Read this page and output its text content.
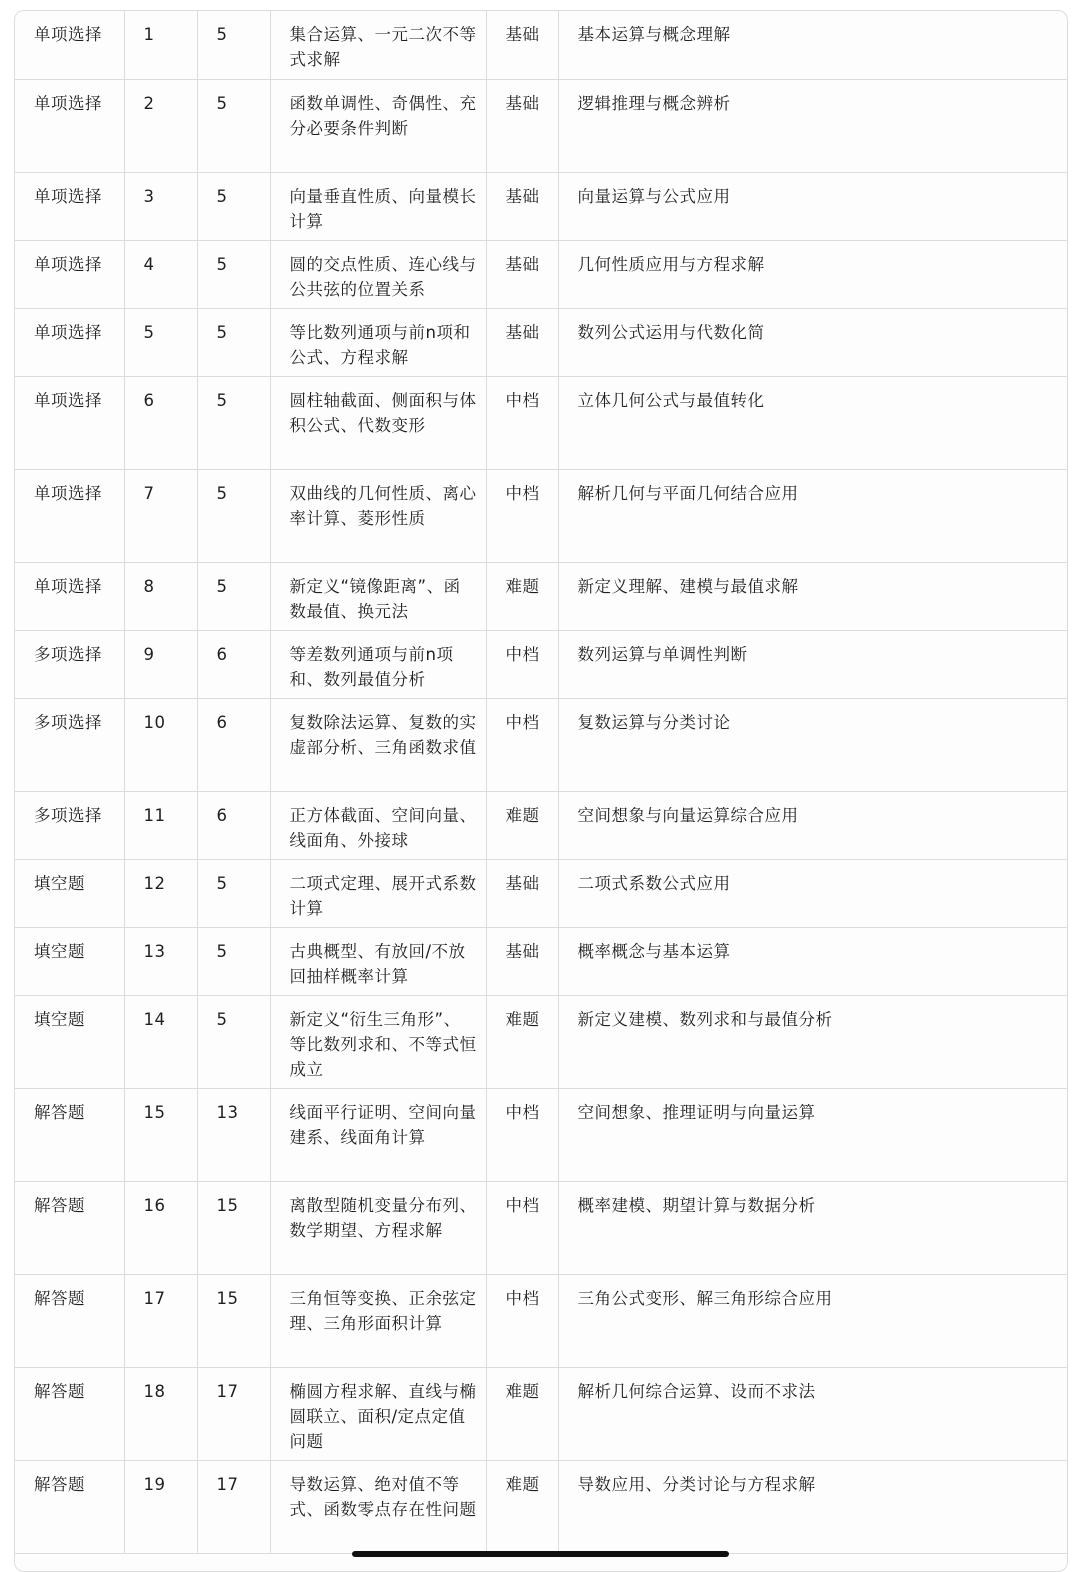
单项选择	1	5	集合运算、一元二次不等式求解	基础	基本运算与概念理解
单项选择	2	5	函数单调性、奇偶性、充分必要条件判断	基础	逻辑推理与概念辨析
单项选择	3	5	向量垂直性质、向量模长计算	基础	向量运算与公式应用
单项选择	4	5	圆的交点性质、连心线与公共弦的位置关系	基础	几何性质应用与方程求解
单项选择	5	5	等比数列通项与前n项和公式、方程求解	基础	数列公式运用与代数化简
单项选择	6	5	圆柱轴截面、侧面积与体积公式、代数变形	中档	立体几何公式与最值转化
单项选择	7	5	双曲线的几何性质、离心率计算、菱形性质	中档	解析几何与平面几何结合应用
单项选择	8	5	新定义“镜像距离”、函数最值、换元法	难题	新定义理解、建模与最值求解
多项选择	9	6	等差数列通项与前n项和、数列最值分析	中档	数列运算与单调性判断
多项选择	10	6	复数除法运算、复数的实虚部分析、三角函数求值	中档	复数运算与分类讨论
多项选择	11	6	正方体截面、空间向量、线面角、外接球	难题	空间想象与向量运算综合应用
填空题	12	5	二项式定理、展开式系数计算	基础	二项式系数公式应用
填空题	13	5	古典概型、有放回/不放回抽样概率计算	基础	概率概念与基本运算
填空题	14	5	新定义“衍生三角形”、等比数列求和、不等式恒成立	难题	新定义建模、数列求和与最值分析
解答题	15	13	线面平行证明、空间向量建系、线面角计算	中档	空间想象、推理证明与向量运算
解答题	16	15	离散型随机变量分布列、数学期望、方程求解	中档	概率建模、期望计算与数据分析
解答题	17	15	三角恒等变换、正余弦定理、三角形面积计算	中档	三角公式变形、解三角形综合应用
解答题	18	17	椭圆方程求解、直线与椭圆联立、面积/定点定值问题	难题	解析几何综合运算、设而不求法
解答题	19	17	导数运算、绝对值不等式、函数零点存在性问题	难题	导数应用、分类讨论与方程求解
